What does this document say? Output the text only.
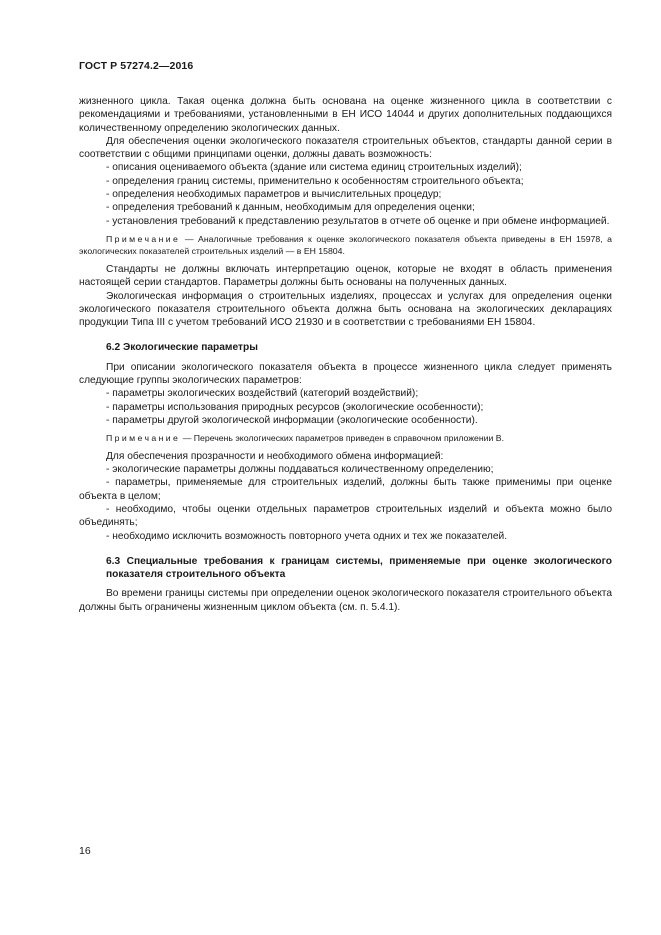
ГОСТ Р 57274.2—2016

жизненного цикла. Такая оценка должна быть основана на оценке жизненного цикла в соответствии с рекомендациями и требованиями, установленными в ЕН ИСО 14044 и других дополнительных поддающихся количественному определению экологических данных.

Для обеспечения оценки экологического показателя строительных объектов, стандарты данной серии в соответствии с общими принципами оценки, должны давать возможность:

- описания оцениваемого объекта (здание или система единиц строительных изделий);

- определения границ системы, применительно к особенностям строительного объекта;

- определения необходимых параметров и вычислительных процедур;

- определения требований к данным, необходимым для определения оценки;

- установления требований к представлению результатов в отчете об оценке и при обмене информацией.

Примечание — Аналогичные требования к оценке экологического показателя объекта приведены в ЕН 15978, а экологических показателей строительных изделий — в ЕН 15804.

Стандарты не должны включать интерпретацию оценок, которые не входят в область применения настоящей серии стандартов. Параметры должны быть основаны на полученных данных.

Экологическая информация о строительных изделиях, процессах и услугах для определения оценки экологического показателя строительного объекта должна быть основана на экологических декларациях продукции Типа III с учетом требований ИСО 21930 и в соответствии с требованиями ЕН 15804.

6.2 Экологические параметры

При описании экологического показателя объекта в процессе жизненного цикла следует применять следующие группы экологических параметров:

- параметры экологических воздействий (категорий воздействий);

- параметры использования природных ресурсов (экологические особенности);

- параметры другой экологической информации (экологические особенности).

Примечание — Перечень экологических параметров приведен в справочном приложении В.

Для обеспечения прозрачности и необходимого обмена информацией:

- экологические параметры должны поддаваться количественному определению;

- параметры, применяемые для строительных изделий, должны быть также применимы при оценке объекта в целом;

- необходимо, чтобы оценки отдельных параметров строительных изделий и объекта можно было объединять;

- необходимо исключить возможность повторного учета одних и тех же показателей.

6.3 Специальные требования к границам системы, применяемые при оценке экологического показателя строительного объекта

Во времени границы системы при определении оценок экологического показателя строительного объекта должны быть ограничены жизненным циклом объекта (см. п. 5.4.1).

16
